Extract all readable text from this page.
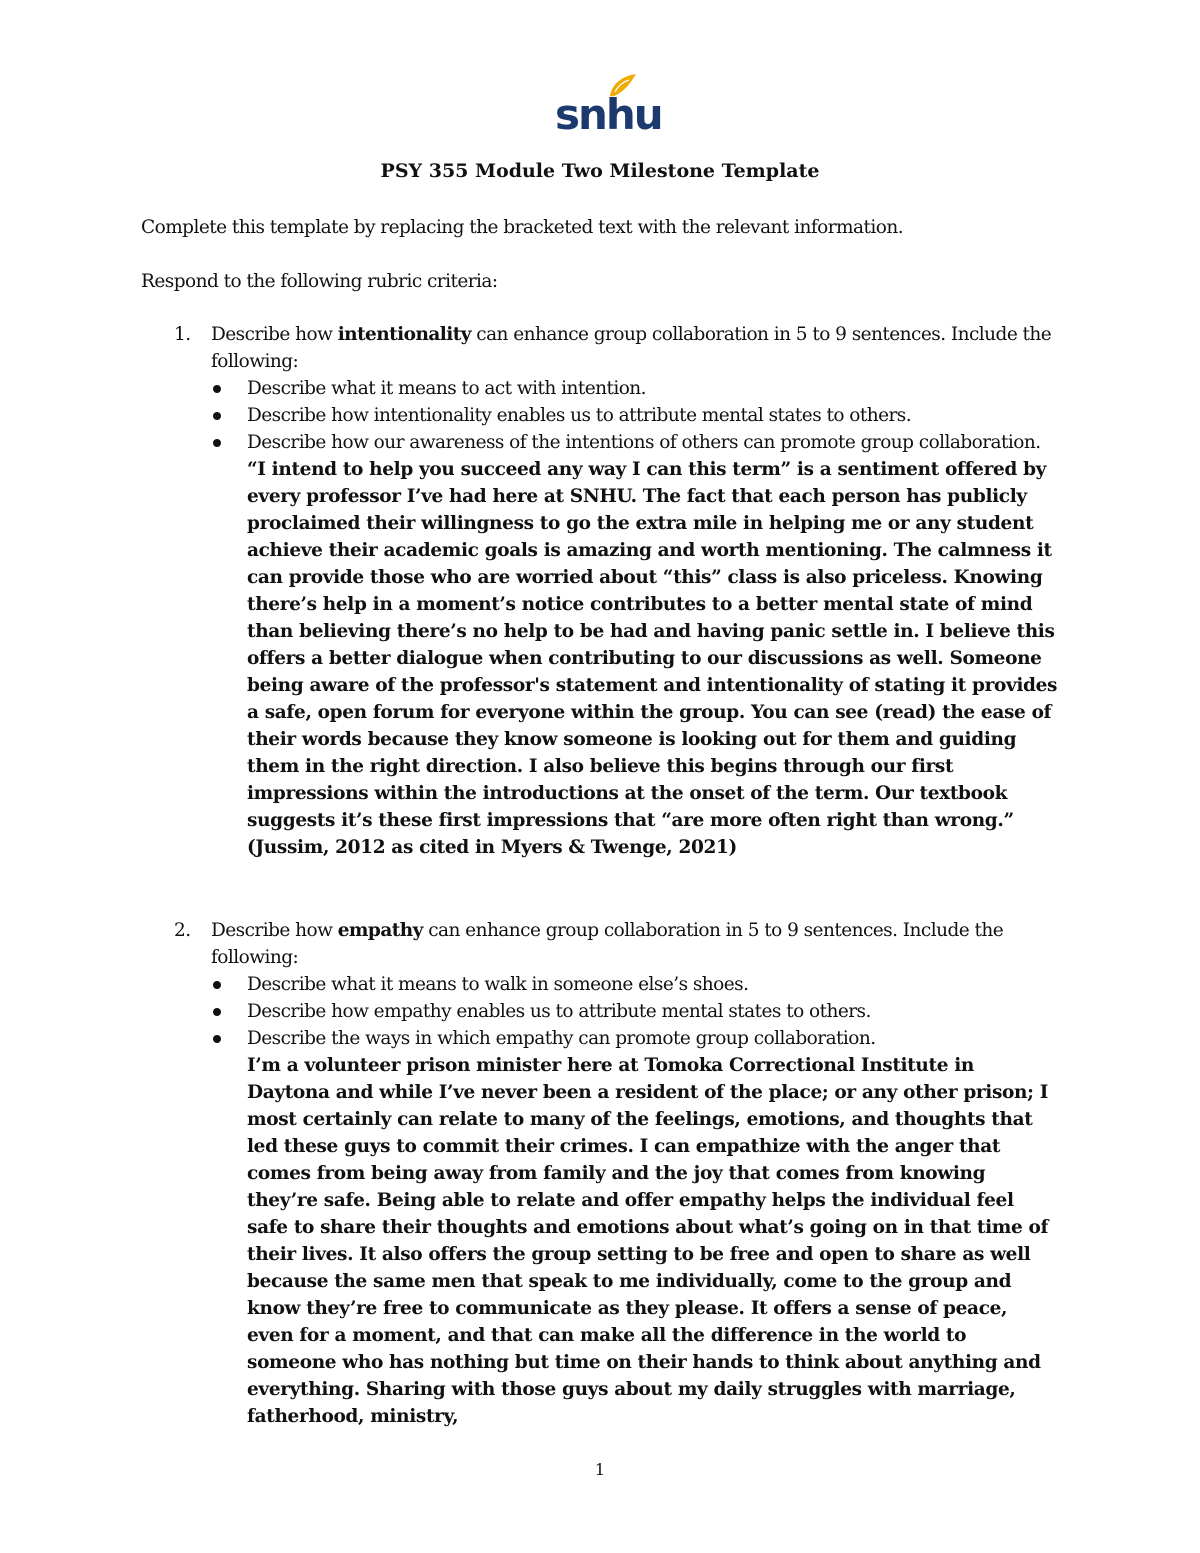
snhu
PSY 355 Module Two Milestone Template
Complete this template by replacing the bracketed text with the relevant information.
Respond to the following rubric criteria:
1. Describe how intentionality can enhance group collaboration in 5 to 9 sentences. Include the following:
Describe what it means to act with intention.
Describe how intentionality enables us to attribute mental states to others.
Describe how our awareness of the intentions of others can promote group collaboration.
“I intend to help you succeed any way I can this term” is a sentiment offered by every professor I’ve had here at SNHU. The fact that each person has publicly proclaimed their willingness to go the extra mile in helping me or any student achieve their academic goals is amazing and worth mentioning. The calmness it can provide those who are worried about “this” class is also priceless. Knowing there’s help in a moment’s notice contributes to a better mental state of mind than believing there’s no help to be had and having panic settle in. I believe this offers a better dialogue when contributing to our discussions as well. Someone being aware of the professor's statement and intentionality of stating it provides a safe, open forum for everyone within the group. You can see (read) the ease of their words because they know someone is looking out for them and guiding them in the right direction. I also believe this begins through our first impressions within the introductions at the onset of the term. Our textbook suggests it’s these first impressions that “are more often right than wrong.” (Jussim, 2012 as cited in Myers & Twenge, 2021)
2. Describe how empathy can enhance group collaboration in 5 to 9 sentences. Include the following:
Describe what it means to walk in someone else’s shoes.
Describe how empathy enables us to attribute mental states to others.
Describe the ways in which empathy can promote group collaboration.
I’m a volunteer prison minister here at Tomoka Correctional Institute in Daytona and while I’ve never been a resident of the place; or any other prison; I most certainly can relate to many of the feelings, emotions, and thoughts that led these guys to commit their crimes. I can empathize with the anger that comes from being away from family and the joy that comes from knowing they’re safe. Being able to relate and offer empathy helps the individual feel safe to share their thoughts and emotions about what’s going on in that time of their lives. It also offers the group setting to be free and open to share as well because the same men that speak to me individually, come to the group and know they’re free to communicate as they please. It offers a sense of peace, even for a moment, and that can make all the difference in the world to someone who has nothing but time on their hands to think about anything and everything. Sharing with those guys about my daily struggles with marriage, fatherhood, ministry,
1
